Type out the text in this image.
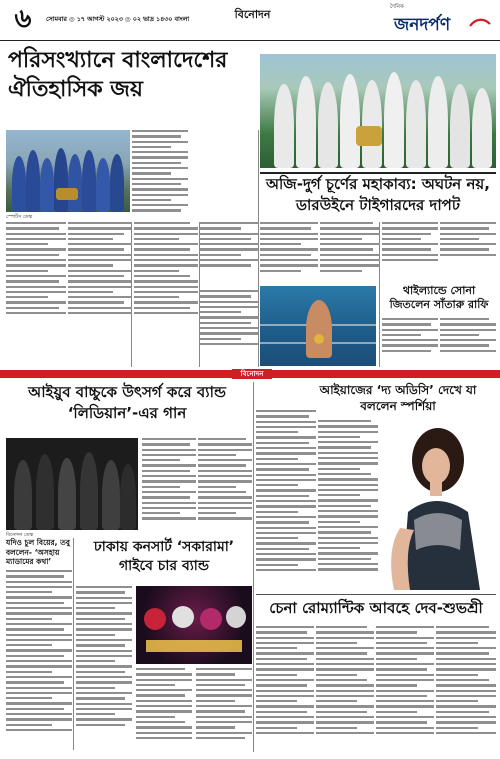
৬	সোমবার ◎ ১৭ আগস্ট ২০২৩ ◎ ০২ ভাদ্র ১৪৩০ বাংলা	বিনোদন
দৈনিক
জনদর্পণ
পরিসংখ্যানে বাংলাদেশের ঐতিহাসিক জয়
স্পোর্টস ডেস্ক
অজি-দুর্গ চূর্ণের মহাকাব্য: অঘটন নয়, ডারউইনে টাইগারদের দাপট
থাইল্যান্ডে সোনা জিতলেন সাঁতারু রাফি
বিনোদন
আইয়ুব বাচ্চুকে উৎসর্গ করে ব্যান্ড ‘লিডিয়ান’-এর গান
বিনোদন ডেস্ক
যদিও চুল বিয়ের, তবু বললেন- ‘অসহায় ম্যাডামের কথা’
ঢাকায় কনসার্ট ‘সকারামা’ গাইবে চার ব্যান্ড
আইয়াজের ‘দ্য অডিসি’ দেখে যা বললেন স্পর্শিয়া
চেনা রোম্যান্টিক আবহে দেব-শুভশ্রী
